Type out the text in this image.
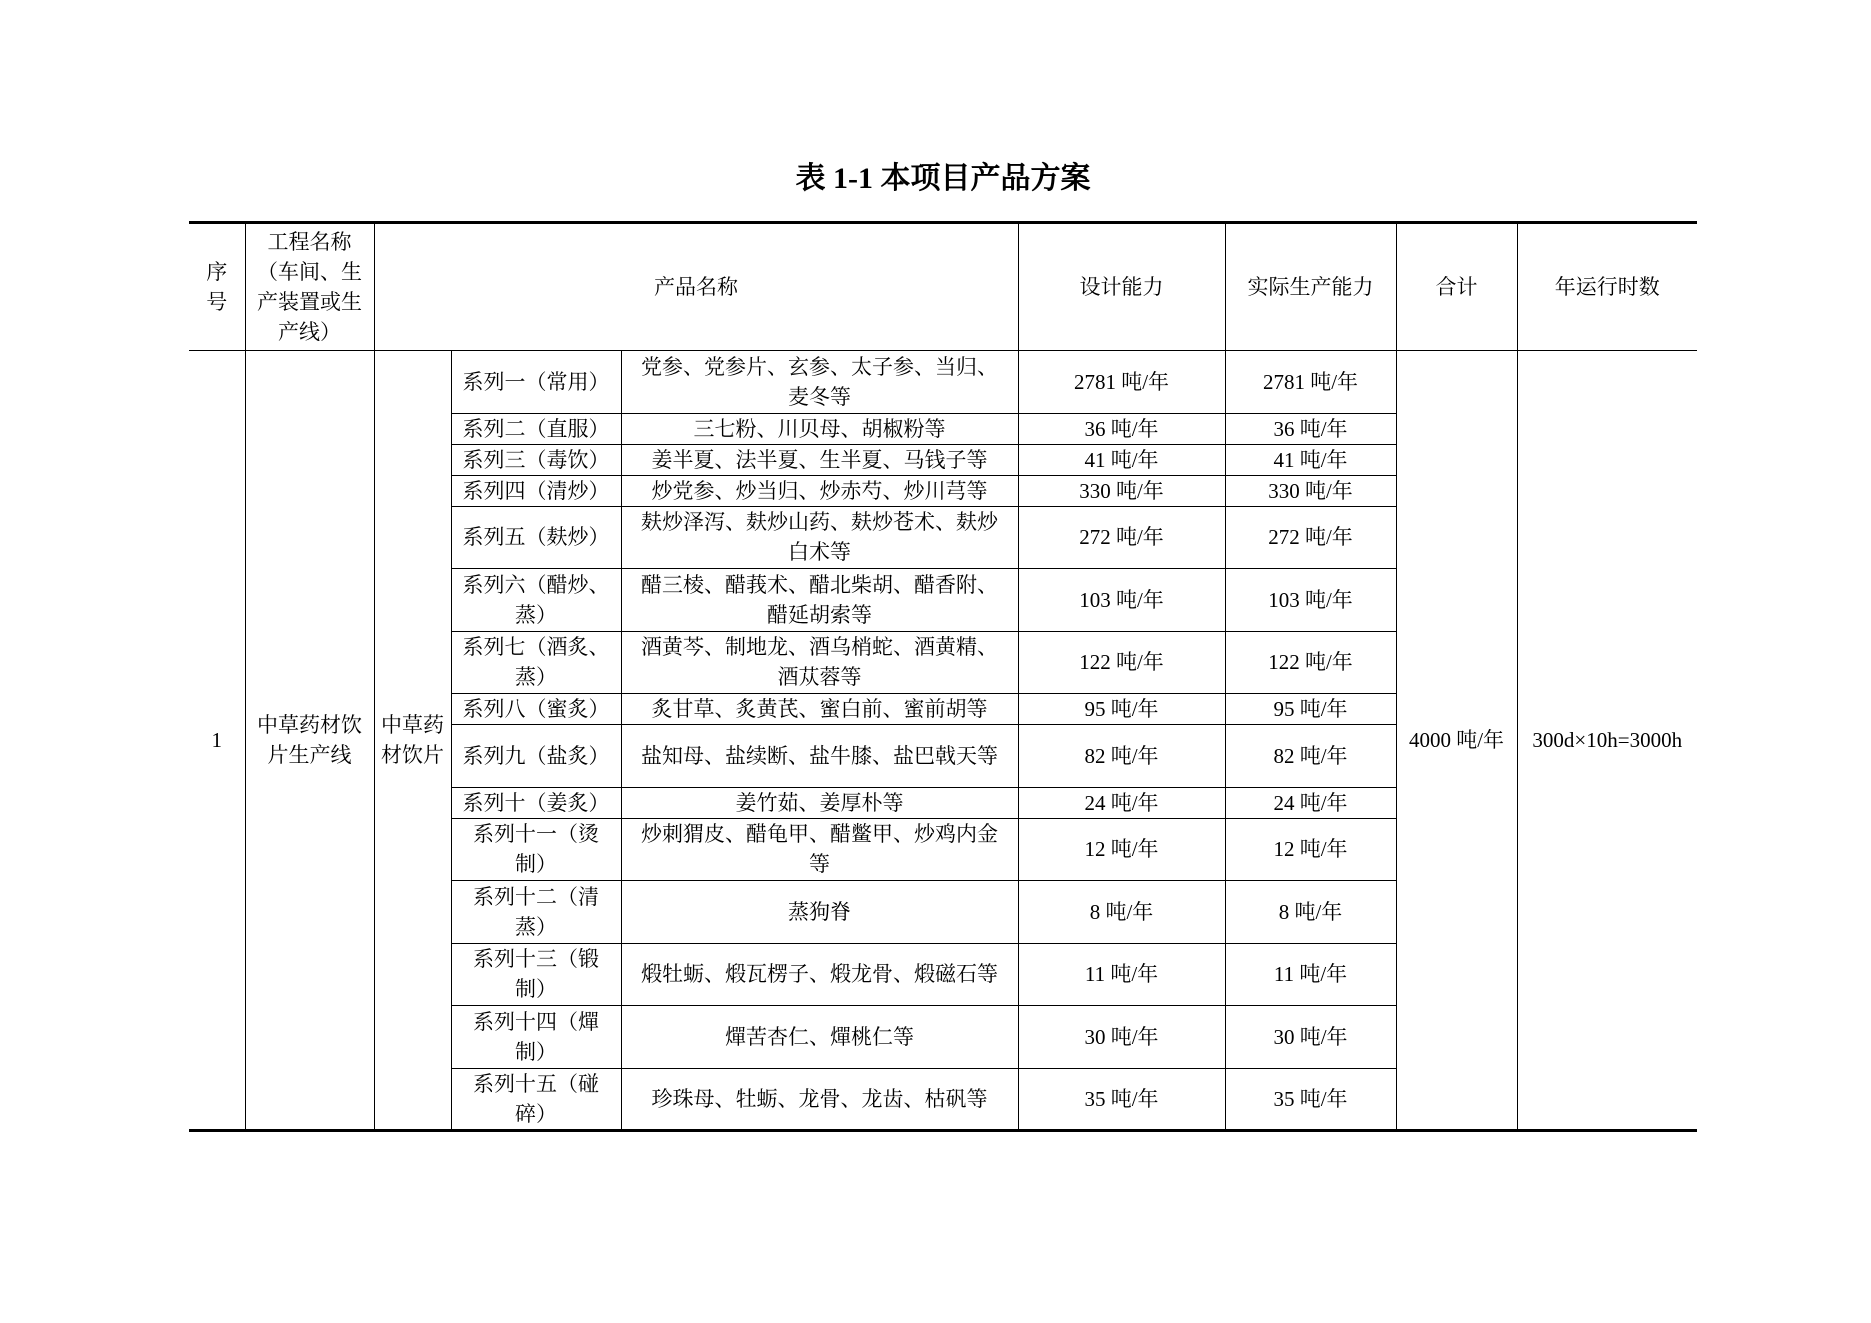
表 1-1 本项目产品方案
序号	工程名称（车间、生产装置或生产线）	产品名称			设计能力	实际生产能力	合计	年运行时数
1	中草药材饮片生产线	中草药材饮片	系列一（常用）	党参、党参片、玄参、太子参、当归、麦冬等	2781 吨/年	2781 吨/年	4000 吨/年	300d×10h=3000h
			系列二（直服）	三七粉、川贝母、胡椒粉等	36 吨/年	36 吨/年		
			系列三（毒饮）	姜半夏、法半夏、生半夏、马钱子等	41 吨/年	41 吨/年		
			系列四（清炒）	炒党参、炒当归、炒赤芍、炒川芎等	330 吨/年	330 吨/年		
			系列五（麸炒）	麸炒泽泻、麸炒山药、麸炒苍术、麸炒白术等	272 吨/年	272 吨/年		
			系列六（醋炒、蒸）	醋三棱、醋莪术、醋北柴胡、醋香附、醋延胡索等	103 吨/年	103 吨/年		
			系列七（酒炙、蒸）	酒黄芩、制地龙、酒乌梢蛇、酒黄精、酒苁蓉等	122 吨/年	122 吨/年		
			系列八（蜜炙）	炙甘草、炙黄芪、蜜白前、蜜前胡等	95 吨/年	95 吨/年		
			系列九（盐炙）	盐知母、盐续断、盐牛膝、盐巴戟天等	82 吨/年	82 吨/年		
			系列十（姜炙）	姜竹茹、姜厚朴等	24 吨/年	24 吨/年		
			系列十一（烫制）	炒刺猬皮、醋龟甲、醋鳖甲、炒鸡内金等	12 吨/年	12 吨/年		
			系列十二（清蒸）	蒸狗脊	8 吨/年	8 吨/年		
			系列十三（锻制）	煅牡蛎、煅瓦楞子、煅龙骨、煅磁石等	11 吨/年	11 吨/年		
			系列十四（燀制）	燀苦杏仁、燀桃仁等	30 吨/年	30 吨/年		
			系列十五（碰碎）	珍珠母、牡蛎、龙骨、龙齿、枯矾等	35 吨/年	35 吨/年		
